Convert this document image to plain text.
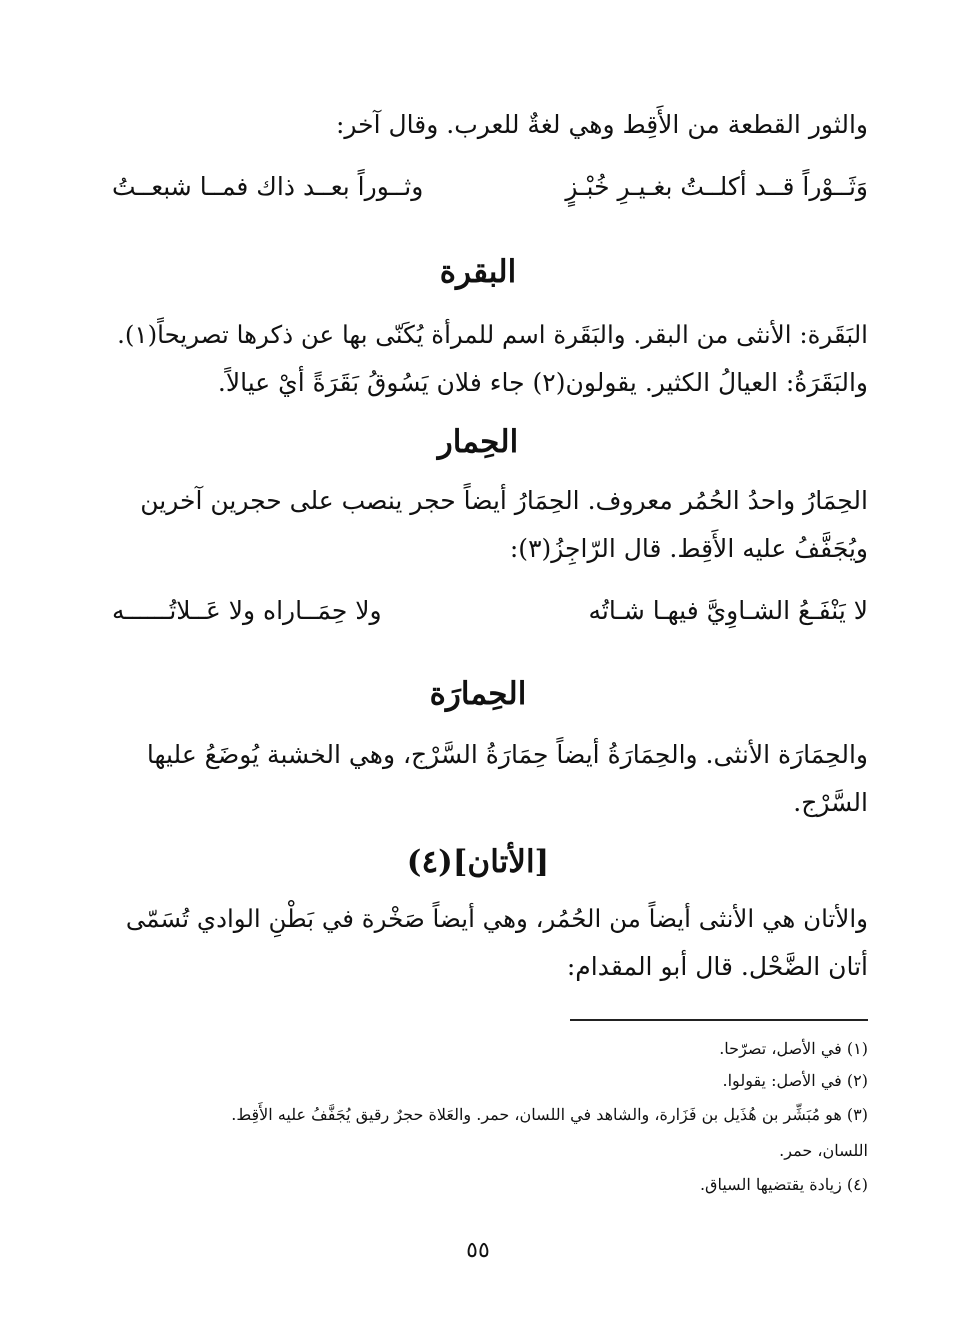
والثور القطعة من الأَقِط وهي لغةٌ للعرب. وقال آخر:
وَثَــوْراً قــد أكلــتُ بغـيـرِ خُبْـزٍ
وثــوراً بعــد ذاك فمــا شبعــتُ
البقرة
البَقَرة: الأنثى من البقر. والبَقَرة اسم للمرأة يُكَنّى بها عن ذكرها تصريحاً(١).
والبَقَرَةُ: العيالُ الكثير. يقولون(٢) جاء فلان يَسُوقُ بَقَرَةً أيْ عيالاً.
الحِمار
الحِمَارُ واحدُ الحُمُر معروف. الحِمَارُ أيضاً حجر ينصب على حجرين آخرين
ويُجَفَّفُ عليه الأَقِط. قال الرّاجِزُ(٣):
لا يَنْفَـعُ الشـاوِيَّ فيهـا شـاتُه
ولا حِمَــاراه ولا عَــلاتُــــــه
الحِمارَة
والحِمَارَة الأنثى. والحِمَارَةُ أيضاً حِمَارَةُ السَّرْج، وهي الخشبة يُوضَعُ عليها
السَّرْج.
[الأتان](٤)
والأتان هي الأنثى أيضاً من الحُمُر، وهي أيضاً صَخْرة في بَطْنِ الوادي تُسَمّى
أتان الضَّحْل. قال أبو المقدام:
(١) في الأصل، تصرّحا.
(٢) في الأصل: يقولوا.
(٣) هو مُبَشِّر بن هُذَيل بن فَزَارة، والشاهد في اللسان، حمر. والعَلاة حجرٌ رقيق يُجَفَّفُ عليه الأَقِط.
اللسان، حمر.
(٤) زيادة يقتضيها السياق.
٥٥
